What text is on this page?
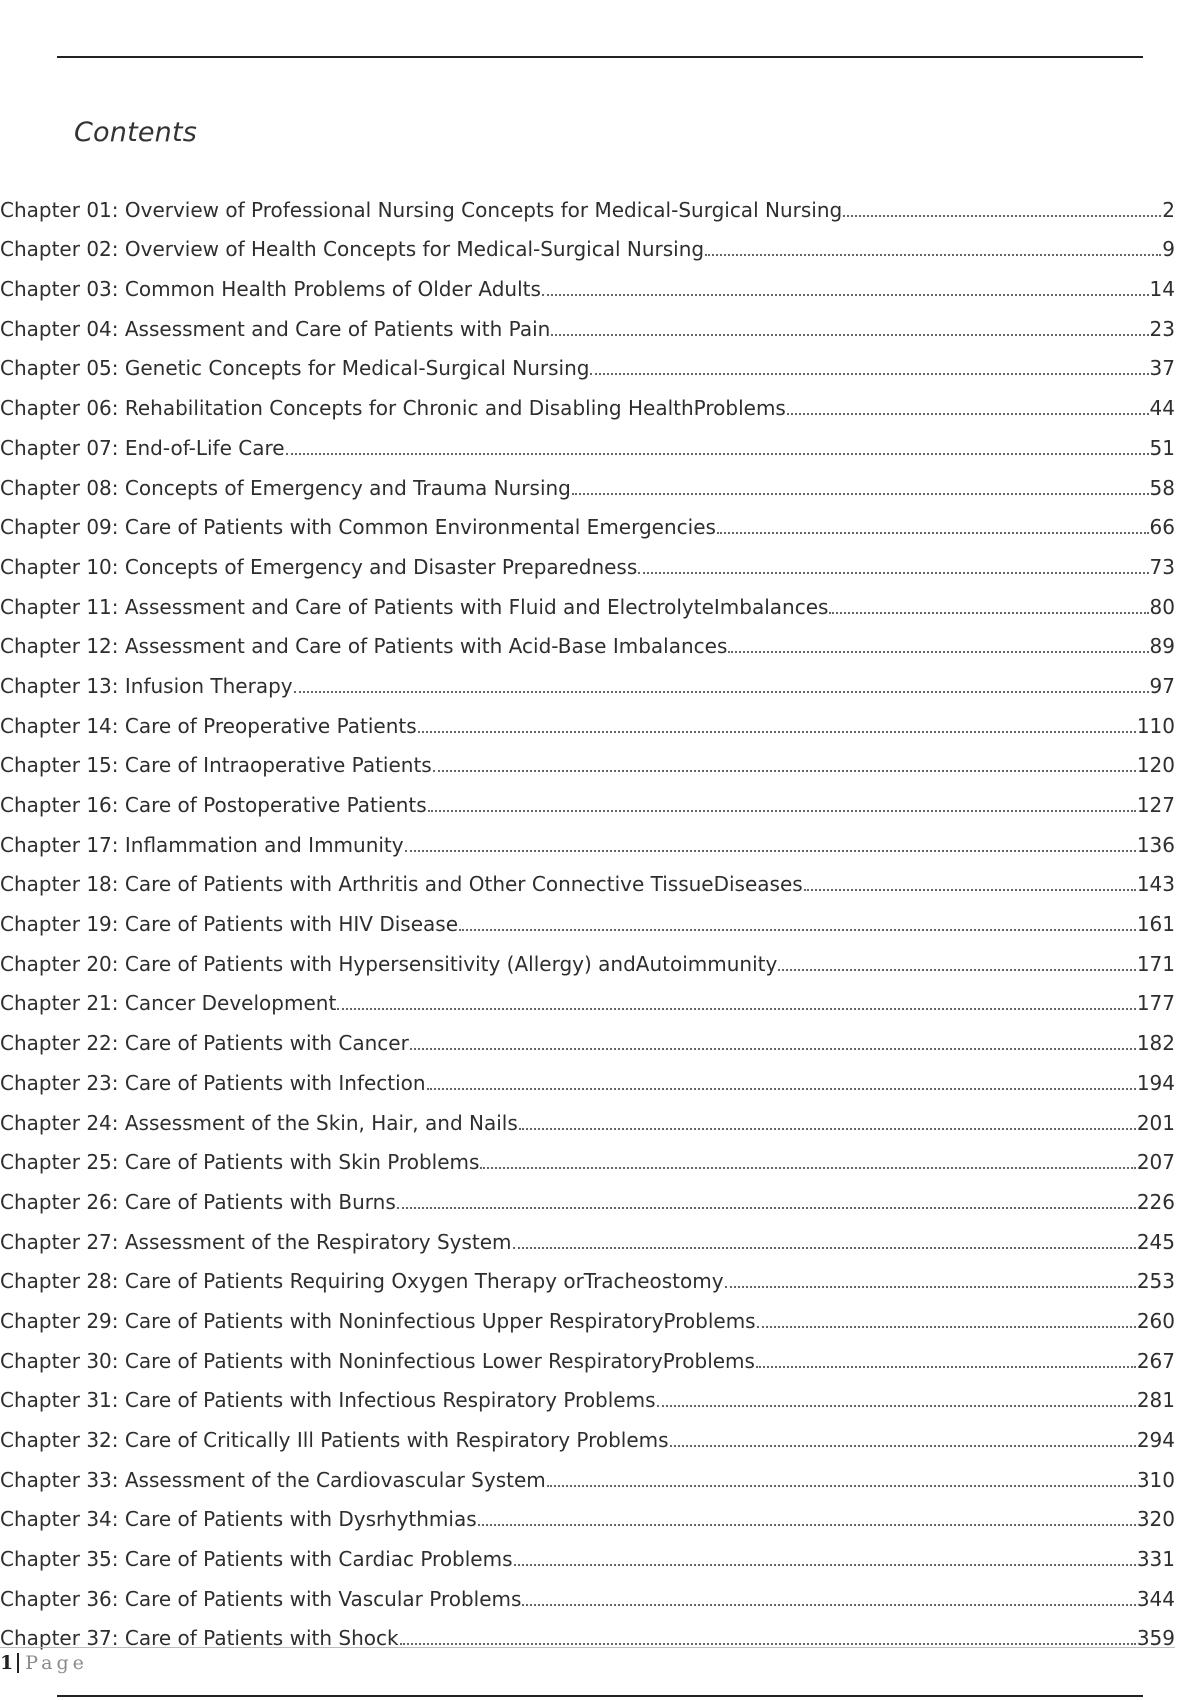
Contents
Chapter 01: Overview of Professional Nursing Concepts for Medical-Surgical Nursing	2
Chapter 02: Overview of Health Concepts for Medical-Surgical Nursing	9
Chapter 03: Common Health Problems of Older Adults	14
Chapter 04: Assessment and Care of Patients with Pain	23
Chapter 05: Genetic Concepts for Medical-Surgical Nursing	37
Chapter 06: Rehabilitation Concepts for Chronic and Disabling HealthProblems	44
Chapter 07: End-of-Life Care	51
Chapter 08: Concepts of Emergency and Trauma Nursing	58
Chapter 09: Care of Patients with Common Environmental Emergencies	66
Chapter 10: Concepts of Emergency and Disaster Preparedness	73
Chapter 11: Assessment and Care of Patients with Fluid and ElectrolyteImbalances	80
Chapter 12: Assessment and Care of Patients with Acid-Base Imbalances	89
Chapter 13: Infusion Therapy	97
Chapter 14: Care of Preoperative Patients	110
Chapter 15: Care of Intraoperative Patients	120
Chapter 16: Care of Postoperative Patients	127
Chapter 17: Inflammation and Immunity	136
Chapter 18: Care of Patients with Arthritis and Other Connective TissueDiseases	143
Chapter 19: Care of Patients with HIV Disease	161
Chapter 20: Care of Patients with Hypersensitivity (Allergy) andAutoimmunity	171
Chapter 21: Cancer Development	177
Chapter 22: Care of Patients with Cancer	182
Chapter 23: Care of Patients with Infection	194
Chapter 24: Assessment of the Skin, Hair, and Nails	201
Chapter 25: Care of Patients with Skin Problems	207
Chapter 26: Care of Patients with Burns	226
Chapter 27: Assessment of the Respiratory System	245
Chapter 28: Care of Patients Requiring Oxygen Therapy orTracheostomy	253
Chapter 29: Care of Patients with Noninfectious Upper RespiratoryProblems	260
Chapter 30: Care of Patients with Noninfectious Lower RespiratoryProblems	267
Chapter 31: Care of Patients with Infectious Respiratory Problems	281
Chapter 32: Care of Critically Ill Patients with Respiratory Problems	294
Chapter 33: Assessment of the Cardiovascular System	310
Chapter 34: Care of Patients with Dysrhythmias	320
Chapter 35: Care of Patients with Cardiac Problems	331
Chapter 36: Care of Patients with Vascular Problems	344
Chapter 37: Care of Patients with Shock	359
1 Page
